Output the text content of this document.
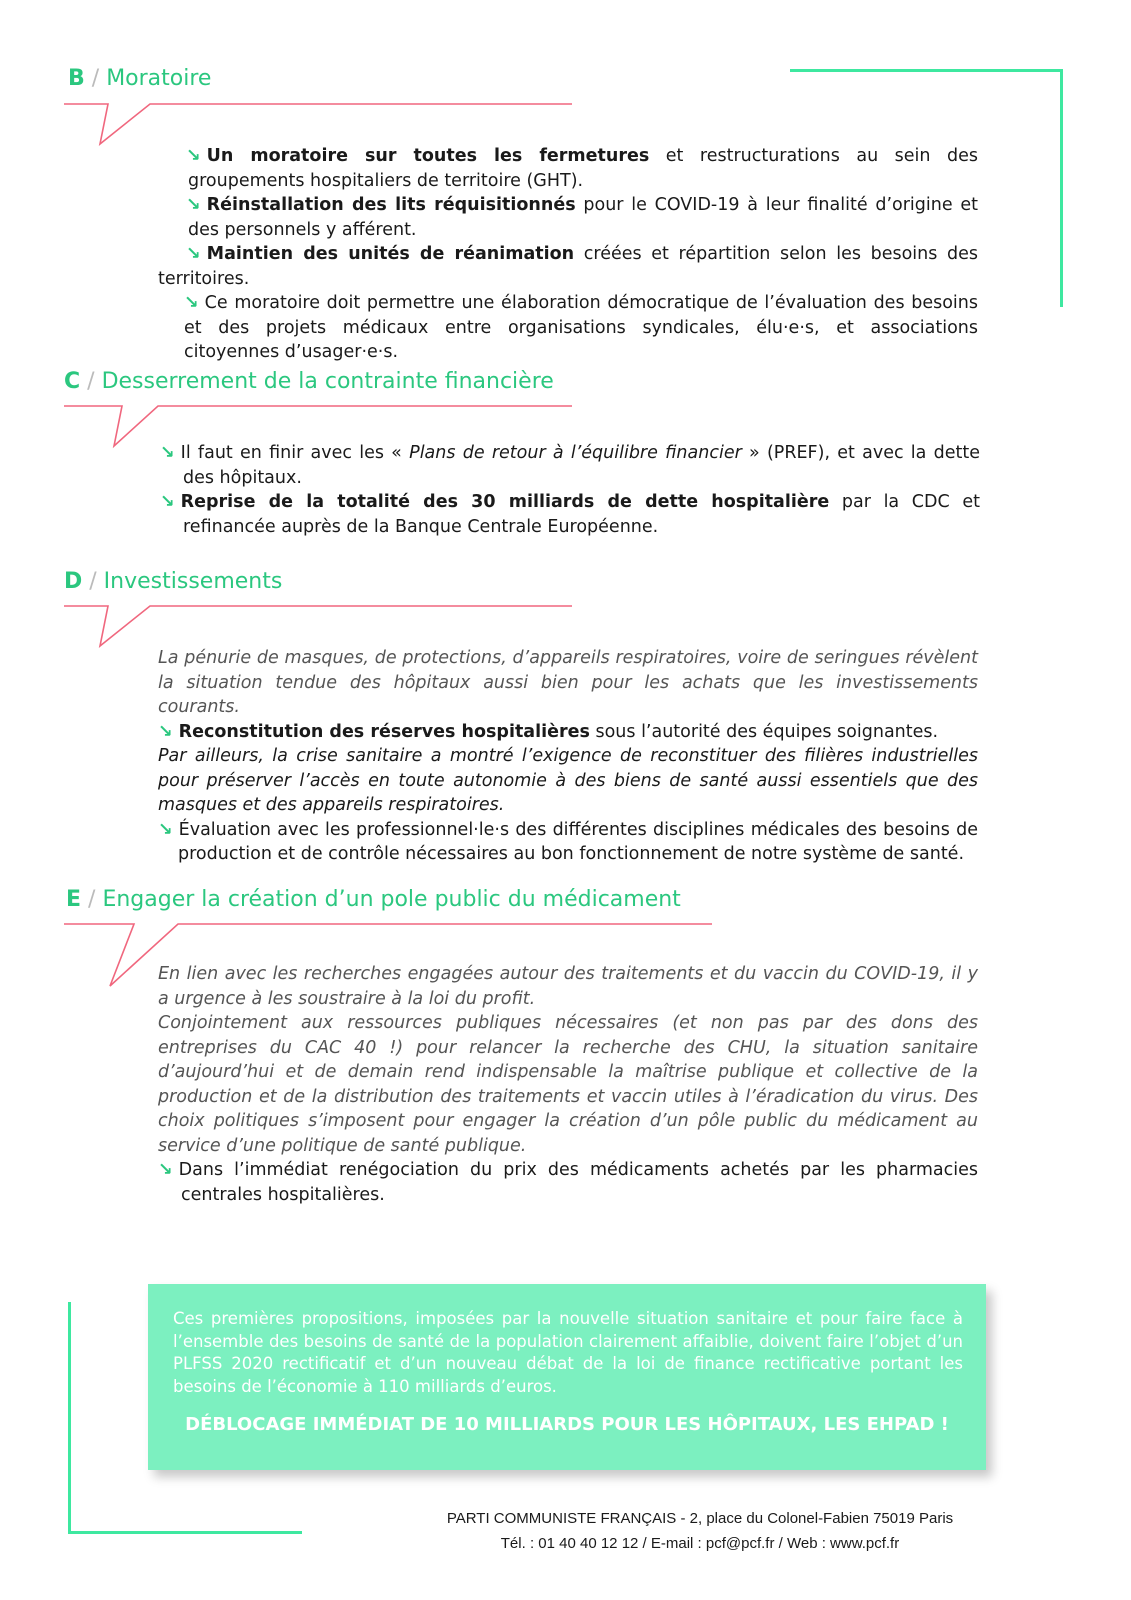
B / Moratoire

↘ Un moratoire sur toutes les fermetures et restructurations au sein des groupements hospitaliers de territoire (GHT).

↘ Réinstallation des lits réquisitionnés pour le COVID-19 à leur finalité d’origine et des personnels y afférent.

↘ Maintien des unités de réanimation créées et répartition selon les besoins des territoires.

↘ Ce moratoire doit permettre une élaboration démocratique de l’évaluation des besoins et des projets médicaux entre organisations syndicales, élu·e·s, et associations citoyennes d’usager·e·s.

C / Desserrement de la contrainte financière

↘ Il faut en finir avec les « Plans de retour à l’équilibre financier » (PREF), et avec la dette des hôpitaux.

↘ Reprise de la totalité des 30 milliards de dette hospitalière par la CDC et refinancée auprès de la Banque Centrale Européenne.

D / Investissements

La pénurie de masques, de protections, d’appareils respiratoires, voire de seringues révèlent la situation tendue des hôpitaux aussi bien pour les achats que les investissements courants.

↘ Reconstitution des réserves hospitalières sous l’autorité des équipes soignantes.

Par ailleurs, la crise sanitaire a montré l’exigence de reconstituer des filières industrielles pour préserver l’accès en toute autonomie à des biens de santé aussi essentiels que des masques et des appareils respiratoires.

↘ Évaluation avec les professionnel·le·s des différentes disciplines médicales des besoins de production et de contrôle nécessaires au bon fonctionnement de notre système de santé.

E / Engager la création d’un pole public du médicament

En lien avec les recherches engagées autour des traitements et du vaccin du COVID-19, il y a urgence à les soustraire à la loi du profit.

Conjointement aux ressources publiques nécessaires (et non pas par des dons des entreprises du CAC 40 !) pour relancer la recherche des CHU, la situation sanitaire d’aujourd’hui et de demain rend indispensable la maîtrise publique et collective de la production et de la distribution des traitements et vaccin utiles à l’éradication du virus. Des choix politiques s’imposent pour engager la création d’un pôle public du médicament au service d’une politique de santé publique.

↘ Dans l’immédiat renégociation du prix des médicaments achetés par les pharmacies centrales hospitalières.

Ces premières propositions, imposées par la nouvelle situation sanitaire et pour faire face à l’ensemble des besoins de santé de la population clairement affaiblie, doivent faire l’objet d’un PLFSS 2020 rectificatif et d’un nouveau débat de la loi de finance rectificative portant les besoins de l’économie à 110 milliards d’euros.
DÉBLOCAGE IMMÉDIAT DE 10 MILLIARDS POUR LES HÔPITAUX, LES EHPAD !
PARTI COMMUNISTE FRANÇAIS - 2, place du Colonel-Fabien 75019 Paris
Tél. : 01 40 40 12 12 / E-mail : pcf@pcf.fr / Web : www.pcf.fr
